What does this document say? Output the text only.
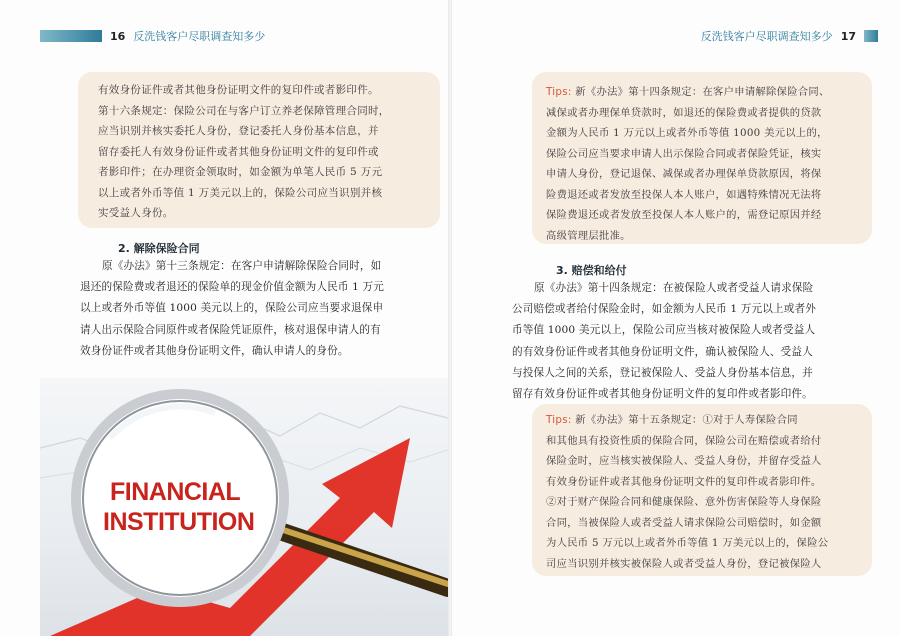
16 反洗钱客户尽职调查知多少
有效身份证件或者其他身份证明文件的复印件或者影印件。
第十六条规定：保险公司在与客户订立养老保障管理合同时，
应当识别并核实委托人身份，登记委托人身份基本信息，并
留存委托人有效身份证件或者其他身份证明文件的复印件或
者影印件；在办理资金领取时，如金额为单笔人民币 5 万元
以上或者外币等值 1 万美元以上的，保险公司应当识别并核
实受益人身份。
2. 解除保险合同
原《办法》第十三条规定：在客户申请解除保险合同时，如
退还的保险费或者退还的保险单的现金价值金额为人民币 1 万元
以上或者外币等值 1000 美元以上的，保险公司应当要求退保申
请人出示保险合同原件或者保险凭证原件，核对退保申请人的有
效身份证件或者其他身份证明文件，确认申请人的身份。
FINANCIAL
INSTITUTION
反洗钱客户尽职调查知多少 17
Tips: 新《办法》第十四条规定：在客户申请解除保险合同、
减保或者办理保单贷款时，如退还的保险费或者提供的贷款
金额为人民币 1 万元以上或者外币等值 1000 美元以上的，
保险公司应当要求申请人出示保险合同或者保险凭证，核实
申请人身份，登记退保、减保或者办理保单贷款原因，将保
险费退还或者发放至投保人本人账户，如遇特殊情况无法将
保险费退还或者发放至投保人本人账户的，需登记原因并经
高级管理层批准。
3. 赔偿和给付
原《办法》第十四条规定：在被保险人或者受益人请求保险
公司赔偿或者给付保险金时，如金额为人民币 1 万元以上或者外
币等值 1000 美元以上，保险公司应当核对被保险人或者受益人
的有效身份证件或者其他身份证明文件，确认被保险人、受益人
与投保人之间的关系，登记被保险人、受益人身份基本信息，并
留存有效身份证件或者其他身份证明文件的复印件或者影印件。
Tips: 新《办法》第十五条规定：①对于人寿保险合同
和其他具有投资性质的保险合同，保险公司在赔偿或者给付
保险金时，应当核实被保险人、受益人身份，并留存受益人
有效身份证件或者其他身份证明文件的复印件或者影印件。
②对于财产保险合同和健康保险、意外伤害保险等人身保险
合同，当被保险人或者受益人请求保险公司赔偿时，如金额
为人民币 5 万元以上或者外币等值 1 万美元以上的，保险公
司应当识别并核实被保险人或者受益人身份，登记被保险人
